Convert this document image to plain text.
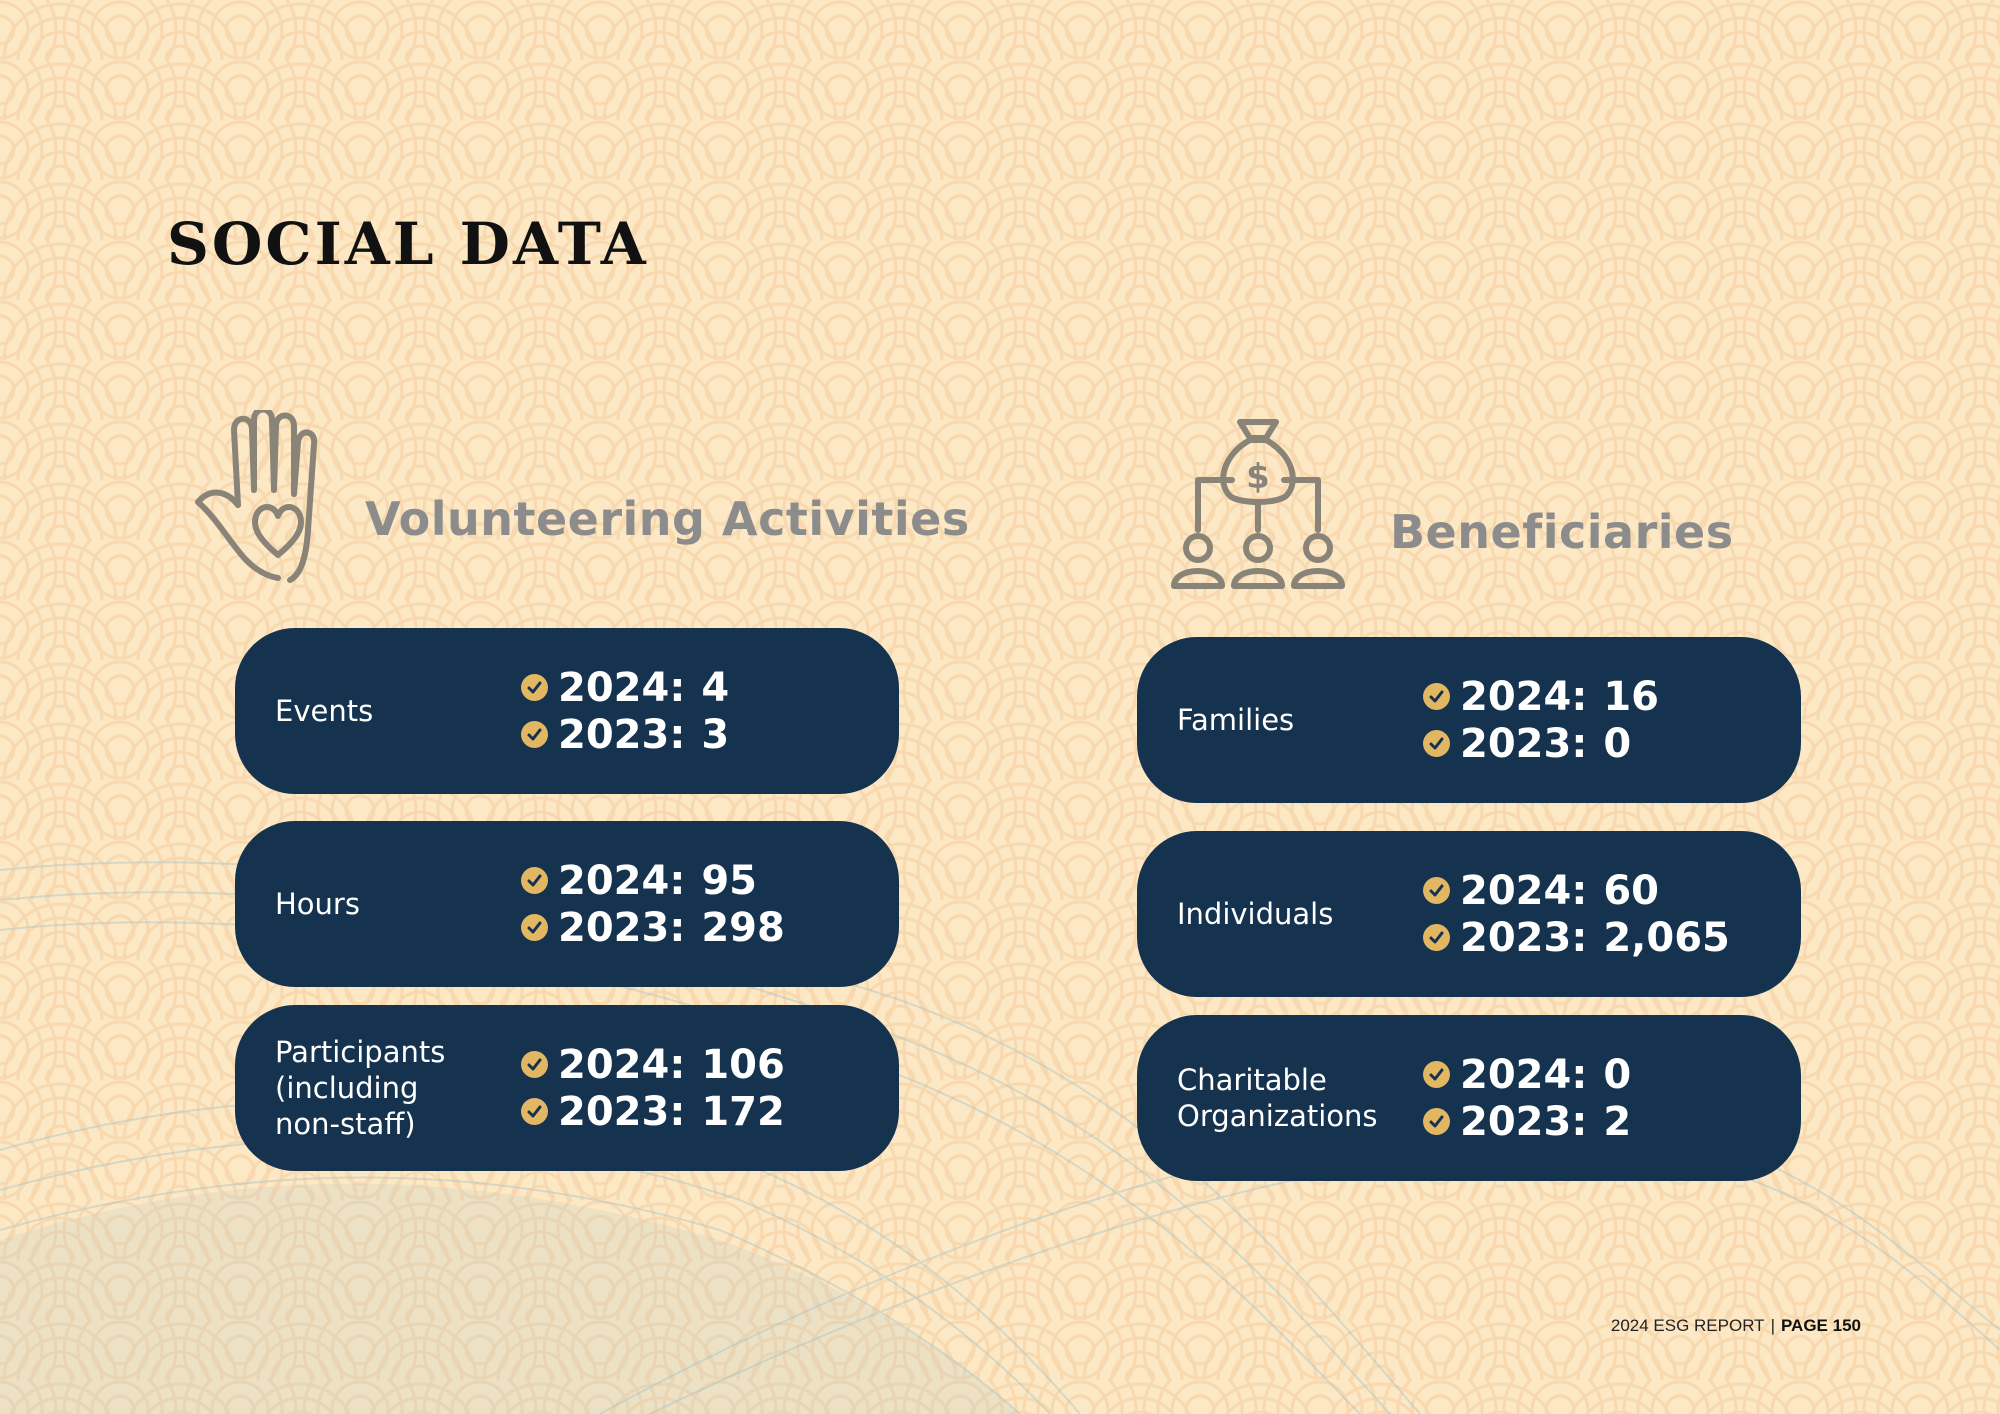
SOCIAL DATA
Volunteering Activities
$
Beneficiaries
Events
2024: 4
2023: 3
Hours
2024: 95
2023: 298
Participants
(including
non-staff)
2024: 106
2023: 172
Families
2024: 16
2023: 0
Individuals
2024: 60
2023: 2,065
Charitable
Organizations
2024: 0
2023: 2
2024 ESG REPORT | PAGE 150
